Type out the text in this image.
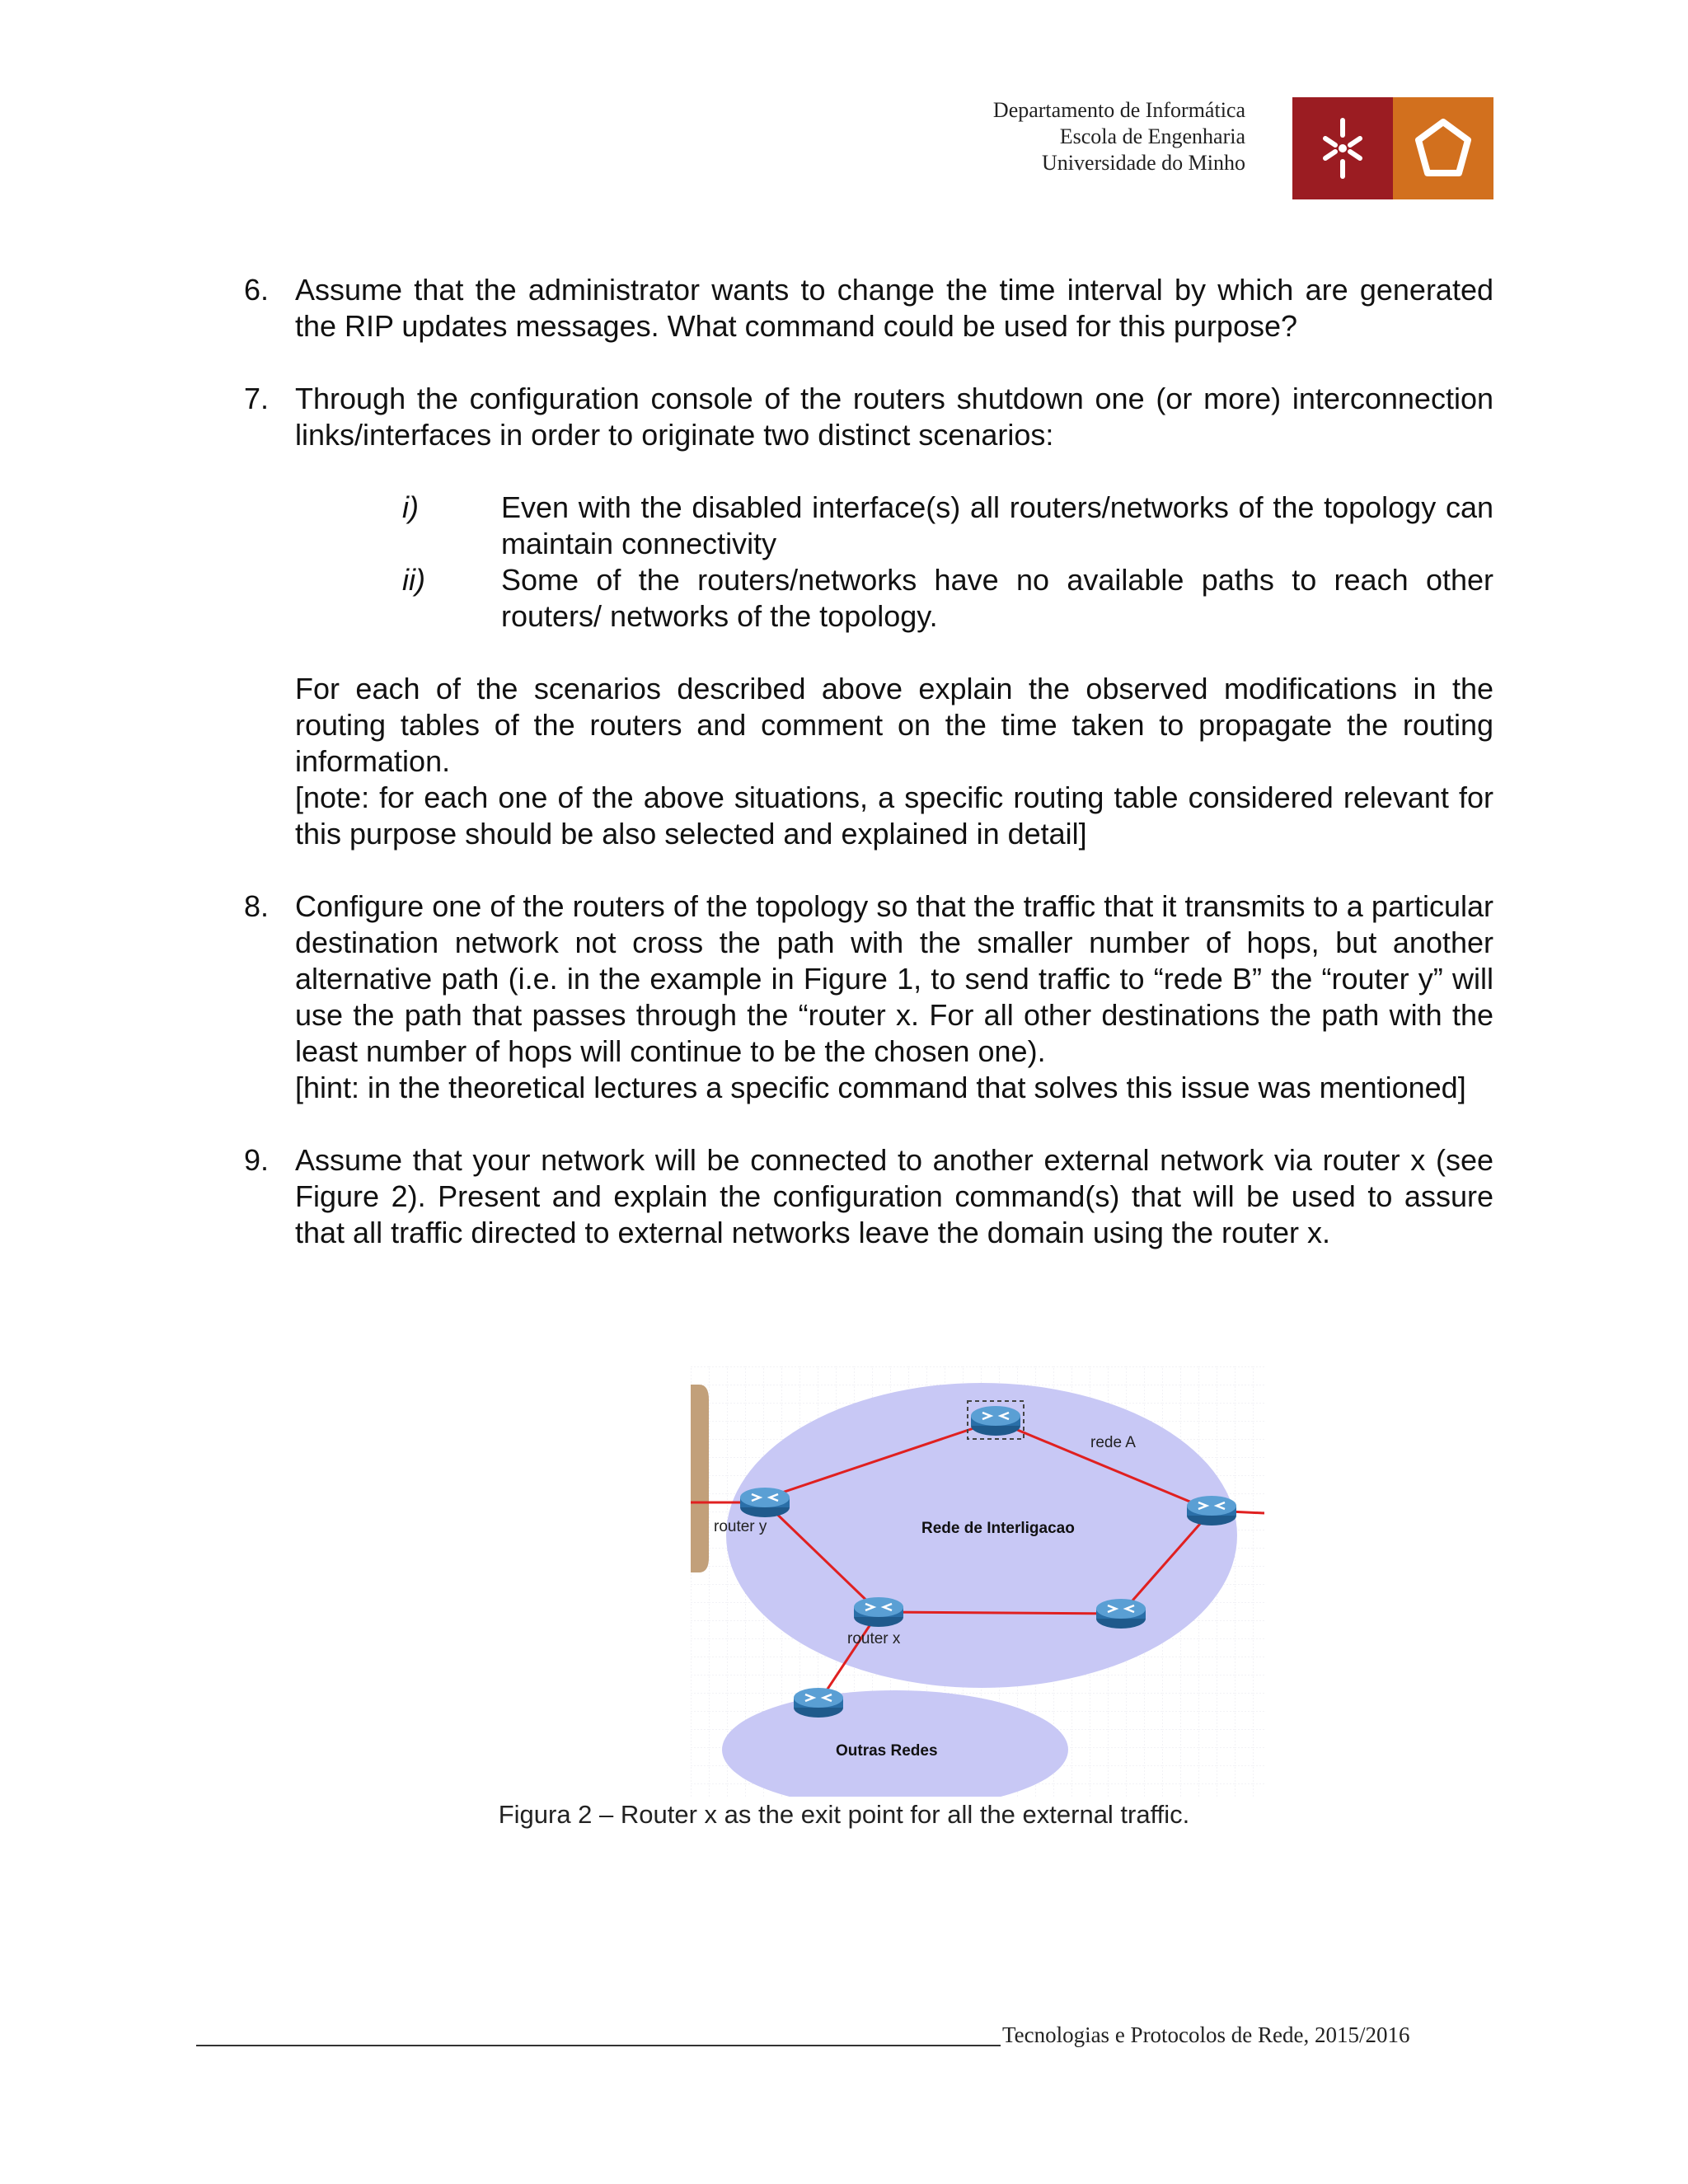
Departamento de Informática
Escola de Engenharia
Universidade do Minho
6. Assume that the administrator wants to change the time interval by which are generated the RIP updates messages. What command could be used for this purpose?
7. Through the configuration console of the routers shutdown one (or more) interconnection links/interfaces in order to originate two distinct scenarios:
i)	Even with the disabled interface(s) all routers/networks of the topology can maintain connectivity
ii)	Some of the routers/networks have no available paths to reach other routers/ networks of the topology.
For each of the scenarios described above explain the observed modifications in the routing tables of the routers and comment on the time taken to propagate the routing information.
[note: for each one of the above situations, a specific routing table considered relevant for this purpose should be also selected and explained in detail]
8. Configure one of the routers of the topology so that the traffic that it transmits to a particular destination network not cross the path with the smaller number of hops, but another alternative path (i.e. in the example in Figure 1, to send traffic to “rede B” the “router y” will use the path that passes through the “router x. For all other destinations the path with the least number of hops will continue to be the chosen one).
[hint: in the theoretical lectures a specific command that solves this issue was mentioned]
9. Assume that your network will be connected to another external network via router x (see Figure 2). Present and explain the configuration command(s) that will be used to assure that all traffic directed to external networks leave the domain using the router x.
rede A
router y	Rede de Interligacao
router x
Outras Redes
Figura 2 – Router x as the exit point for all the external traffic.
Tecnologias e Protocolos de Rede, 2015/2016
